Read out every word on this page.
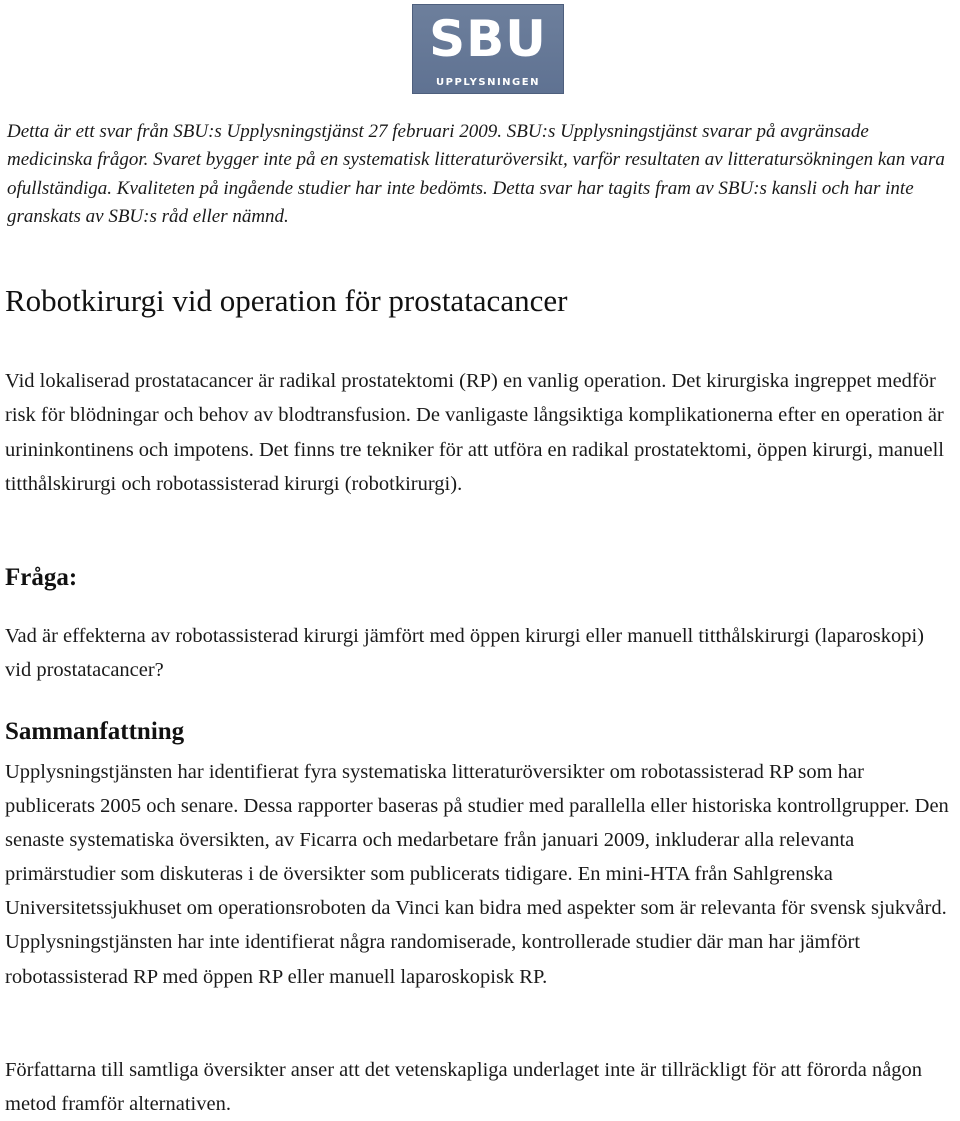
SBU
UPPLYSNINGEN

Detta är ett svar från SBU:s Upplysningstjänst 27 februari 2009. SBU:s Upplysningstjänst svarar på avgränsade medicinska frågor. Svaret bygger inte på en systematisk litteraturöversikt, varför resultaten av litteratursökningen kan vara ofullständiga. Kvaliteten på ingående studier har inte bedömts. Detta svar har tagits fram av SBU:s kansli och har inte granskats av SBU:s råd eller nämnd.

Robotkirurgi vid operation för prostatacancer

Vid lokaliserad prostatacancer är radikal prostatektomi (RP) en vanlig operation. Det kirurgiska ingreppet medför risk för blödningar och behov av blodtransfusion. De vanligaste långsiktiga komplikationerna efter en operation är urininkontinens och impotens. Det finns tre tekniker för att utföra en radikal prostatektomi, öppen kirurgi, manuell titthålskirurgi och robotassisterad kirurgi (robotkirurgi).

Fråga:

Vad är effekterna av robotassisterad kirurgi jämfört med öppen kirurgi eller manuell titthålskirurgi (laparoskopi) vid prostatacancer?

Sammanfattning

Upplysningstjänsten har identifierat fyra systematiska litteraturöversikter om robotassisterad RP som har publicerats 2005 och senare. Dessa rapporter baseras på studier med parallella eller historiska kontrollgrupper. Den senaste systematiska översikten, av Ficarra och medarbetare från januari 2009, inkluderar alla relevanta primärstudier som diskuteras i de översikter som publicerats tidigare. En mini-HTA från Sahlgrenska Universitetssjukhuset om operationsroboten da Vinci kan bidra med aspekter som är relevanta för svensk sjukvård. Upplysningstjänsten har inte identifierat några randomiserade, kontrollerade studier där man har jämfört robotassisterad RP med öppen RP eller manuell laparoskopisk RP.

Författarna till samtliga översikter anser att det vetenskapliga underlaget inte är tillräckligt för att förorda någon metod framför alternativen.
